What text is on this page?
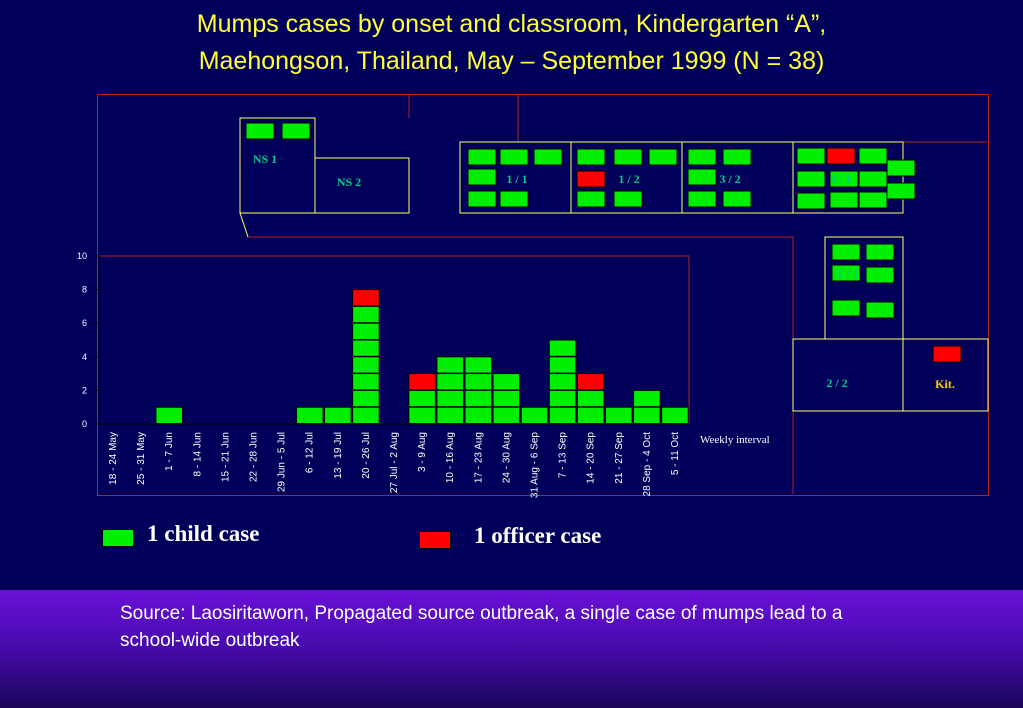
Mumps cases by onset and classroom, Kindergarten “A”,
Maehongson, Thailand, May – September 1999 (N = 38)
NS 1
NS 2	1 / 1	1 / 2	3 / 2	3 / 1
2 / 1
2 / 2	Kit.
0
2
4
6
8
10
18 - 24 May 25 - 31 May 1 - 7 Jun 8 - 14 Jun 15 - 21 Jun 22 - 28 Jun 29 Jun - 5 Jul 6 - 12 Jul 13 - 19 Jul 20 - 26 Jul 27 Jul - 2 Aug 3 - 9 Aug 10 - 16 Aug 17 - 23 Aug 24 - 30 Aug 31 Aug - 6 Sep 7 - 13 Sep 14 - 20 Sep 21 - 27 Sep 28 Sep - 4 Oct 5 - 11 Oct Weekly interval
1 child case	1 officer case
Source: Laosiritaworn, Propagated source outbreak, a single case of mumps lead to a school-wide outbreak
